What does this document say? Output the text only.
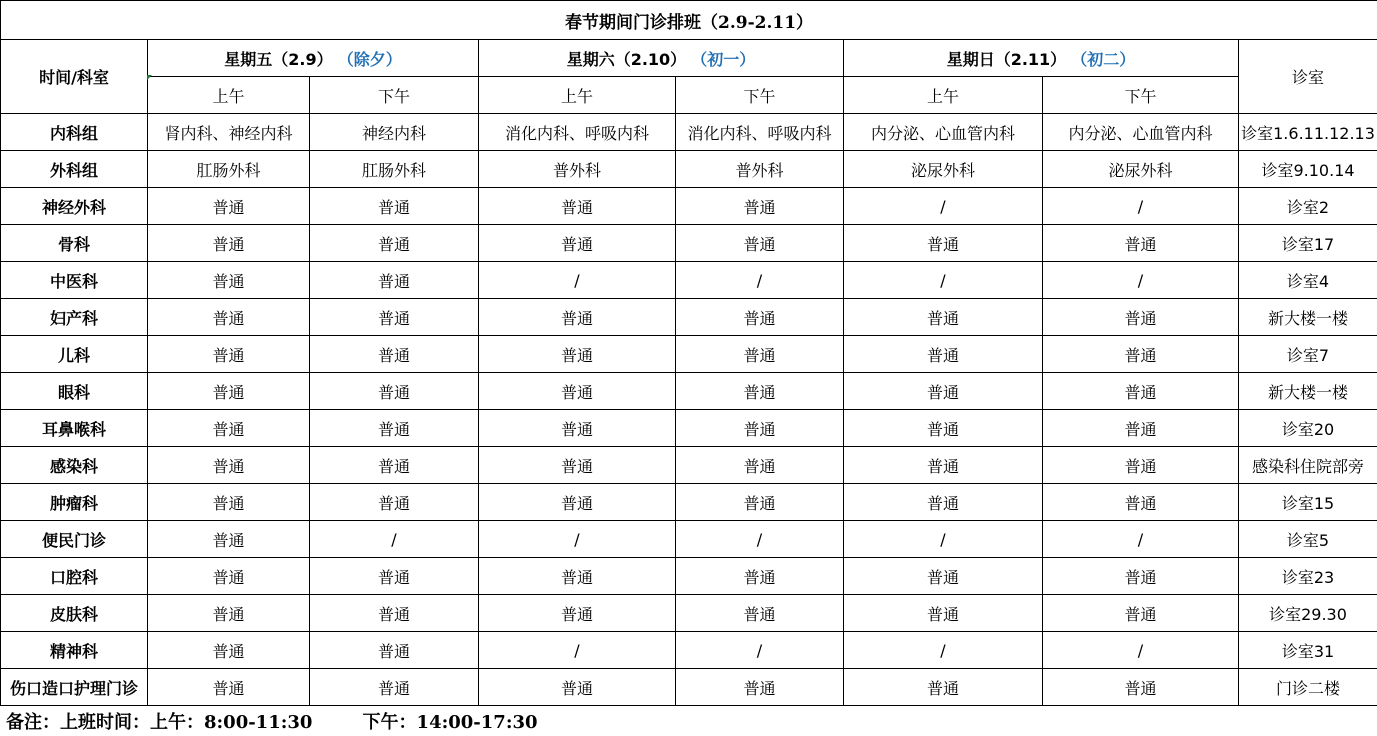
春节期间门诊排班（2.9-2.11）							
时间/科室	星期五（2.9） （除夕）		星期六（2.10） （初一）		星期日（2.11） （初二）		诊室
	上午	下午	上午	下午	上午	下午	
内科组	肾内科、神经内科	神经内科	消化内科、呼吸内科	消化内科、呼吸内科	内分泌、心血管内科	内分泌、心血管内科	诊室1.6.11.12.13
外科组	肛肠外科	肛肠外科	普外科	普外科	泌尿外科	泌尿外科	诊室9.10.14
神经外科	普通	普通	普通	普通	/	/	诊室2
骨科	普通	普通	普通	普通	普通	普通	诊室17
中医科	普通	普通	/	/	/	/	诊室4
妇产科	普通	普通	普通	普通	普通	普通	新大楼一楼
儿科	普通	普通	普通	普通	普通	普通	诊室7
眼科	普通	普通	普通	普通	普通	普通	新大楼一楼
耳鼻喉科	普通	普通	普通	普通	普通	普通	诊室20
感染科	普通	普通	普通	普通	普通	普通	感染科住院部旁
肿瘤科	普通	普通	普通	普通	普通	普通	诊室15
便民门诊	普通	/	/	/	/	/	诊室5
口腔科	普通	普通	普通	普通	普通	普通	诊室23
皮肤科	普通	普通	普通	普通	普通	普通	诊室29.30
精神科	普通	普通	/	/	/	/	诊室31
伤口造口护理门诊	普通	普通	普通	普通	普通	普通	门诊二楼
备注：上班时间：上午：8:00-11:30        下午：14:00-17:30
